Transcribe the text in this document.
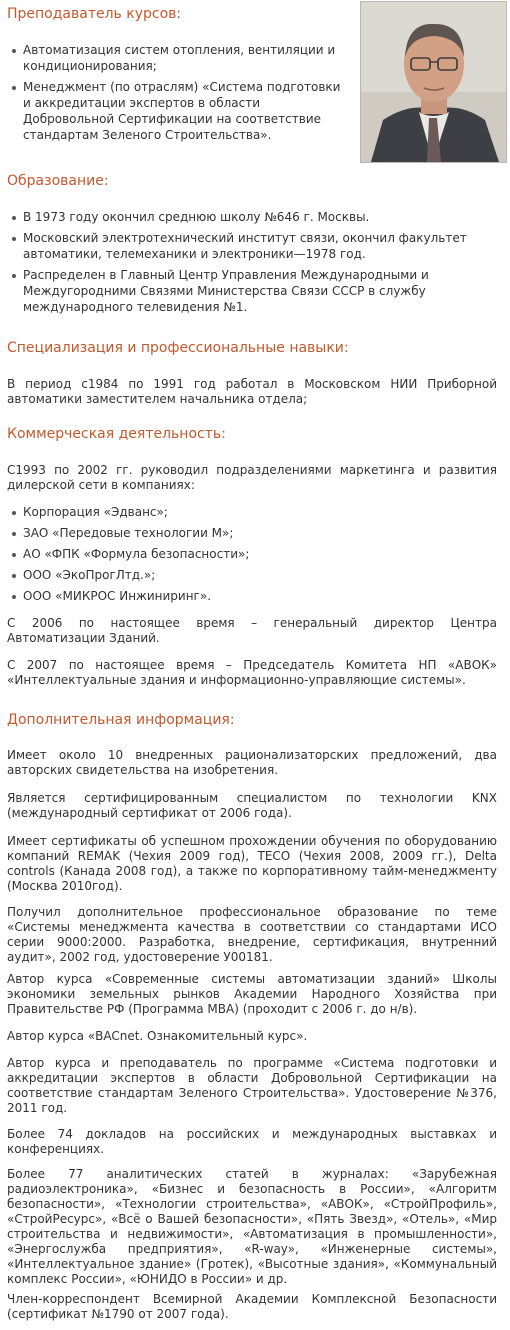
Преподаватель курсов:
Автоматизация систем отопления, вентиляции и кондиционирования;
Менеджмент (по отраслям) «Система подготовки и аккредитации экспертов в области Добровольной Сертификации на соответствие стандартам Зеленого Строительства».
Образование:
В 1973 году окончил среднюю школу №646 г. Москвы.
Московский электротехнический институт связи, окончил факультет автоматики, телемеханики и электроники—1978 год.
Распределен в Главный Центр Управления Международными и Междугородними Связями Министерства Связи СССР в службу международного телевидения №1.
Специализация и профессиональные навыки:

В период с1984 по 1991 год работал в Московском НИИ Приборной автоматики заместителем начальника отдела;

Коммерческая деятельность:

С1993 по 2002 гг. руководил подразделениями маркетинга и развития дилерской сети в компаниях:

Корпорация «Эдванс»;
ЗАО «Передовые технологии М»;
АО «ФПК «Формула безопасности»;
ООО «ЭкоПрогЛтд.»;
ООО «МИКРОС Инжиниринг».

С 2006 по настоящее время – генеральный директор Центра Автоматизации Зданий.

С 2007 по настоящее время – Председатель Комитета НП «АВОК» «Интеллектуальные здания и информационно-управляющие системы».

Дополнительная информация:

Имеет около 10 внедренных рационализаторских предложений, два авторских свидетельства на изобретения.

Является сертифицированным специалистом по технологии KNX (международный сертификат от 2006 года).

Имеет сертификаты об успешном прохождении обучения по оборудованию компаний REMAK (Чехия 2009 год), TECO (Чехия 2008, 2009 гг.), Delta controls (Канада 2008 год), а также по корпоративному тайм-менеджменту (Москва 2010год).

Получил дополнительное профессиональное образование по теме «Системы менеджмента качества в соответствии со стандартами ИСО серии 9000:2000. Разработка, внедрение, сертификация, внутренний аудит», 2002 год, удостоверение У00181.

Автор курса «Современные системы автоматизации зданий» Школы экономики земельных рынков Академии Народного Хозяйства при Правительстве РФ (Программа MBA) (проходит с 2006 г. до н/в).

Автор курса «BACnet. Ознакомительный курс».

Автор курса и преподаватель по программе «Система подготовки и аккредитации экспертов в области Добровольной Сертификации на соответствие стандартам Зеленого Строительства». Удостоверение №376, 2011 год.

Более 74 докладов на российских и международных выставках и конференциях.

Более 77 аналитических статей в журналах: «Зарубежная радиоэлектроника», «Бизнес и безопасность в России», «Алгоритм безопасности», «Технологии строительства», «АВОК», «СтройПрофиль», «СтройРесурс», «Всё о Вашей безопасности», «Пять Звезд», «Отель», «Мир строительства и недвижимости», «Автоматизация в промышленности», «Энергослужба предприятия», «R-way», «Инженерные системы», «Интеллектуальное здание» (Гротек), «Высотные здания», «Коммунальный комплекс России», «ЮНИДО в России» и др.

Член-корреспондент Всемирной Академии Комплексной Безопасности (сертификат №1790 от 2007 года).
